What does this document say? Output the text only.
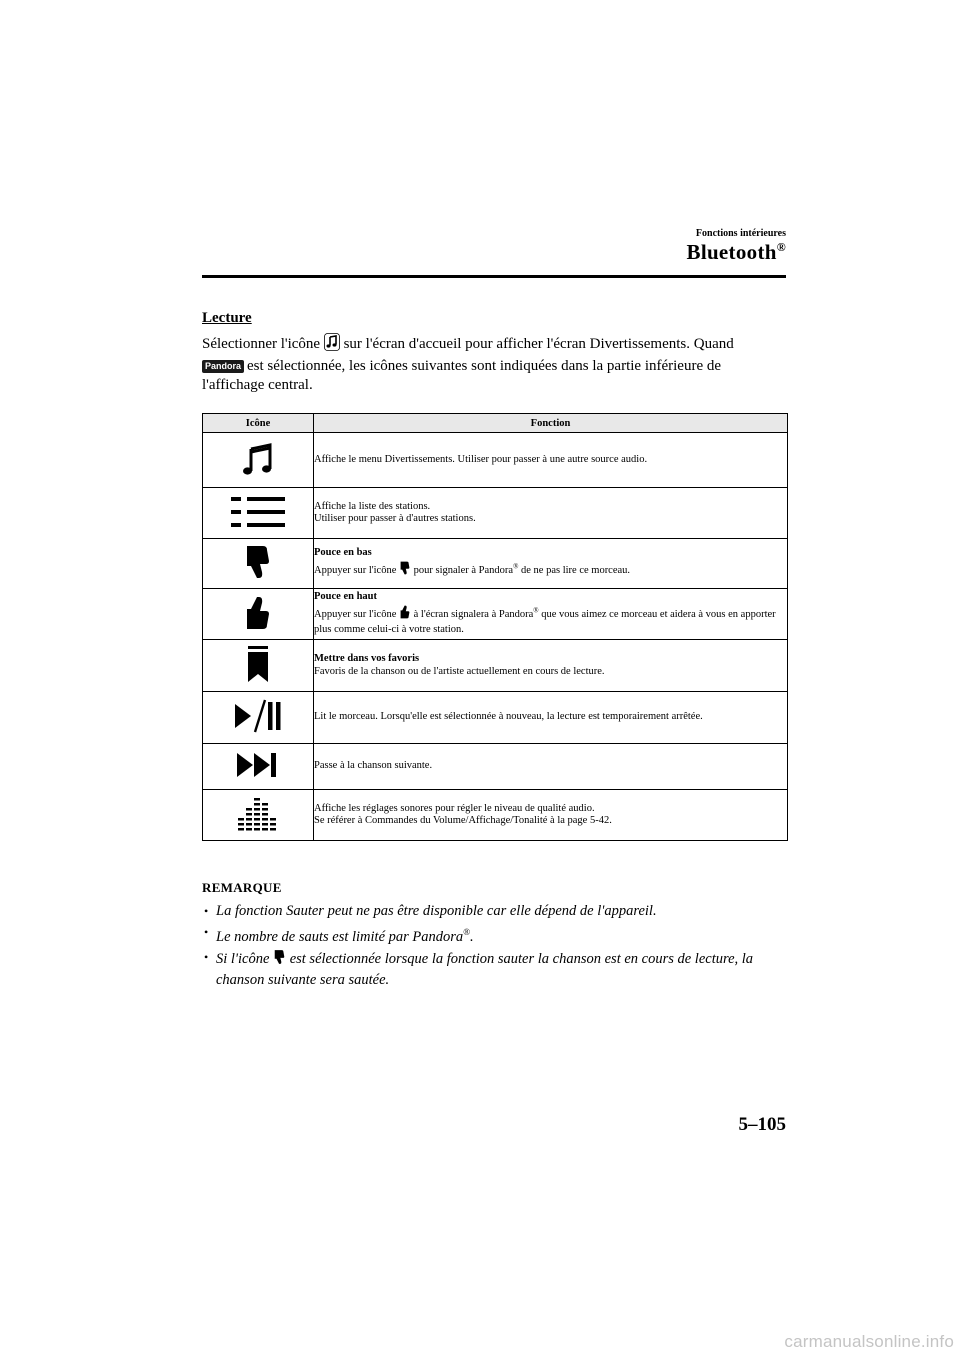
Fonctions intérieures
Bluetooth®
Lecture

Sélectionner l'icône sur l'écran d'accueil pour afficher l'écran Divertissements. Quand
Pandora est sélectionnée, les icônes suivantes sont indiquées dans la partie inférieure de l'affichage central.

Icône	Fonction

Affiche le menu Divertissements. Utiliser pour passer à une autre source audio.

Affiche la liste des stations.
Utiliser pour passer à d'autres stations.

Pouce en bas
Appuyer sur l'icône pour signaler à Pandora® de ne pas lire ce morceau.

Pouce en haut
Appuyer sur l'icône à l'écran signalera à Pandora® que vous aimez ce morceau et aidera à vous en apporter plus comme celui-ci à votre station.

Mettre dans vos favoris
Favoris de la chanson ou de l'artiste actuellement en cours de lecture.

Lit le morceau. Lorsqu'elle est sélectionnée à nouveau, la lecture est temporairement arrêtée.

Passe à la chanson suivante.

Affiche les réglages sonores pour régler le niveau de qualité audio.
Se référer à Commandes du Volume/Affichage/Tonalité à la page 5-42.
REMARQUE
• La fonction Sauter peut ne pas être disponible car elle dépend de l'appareil.
• Le nombre de sauts est limité par Pandora®.
• Si l'icône est sélectionnée lorsque la fonction sauter la chanson est en cours de lecture, la chanson suivante sera sautée.
5–105
carmanualsonline.info
